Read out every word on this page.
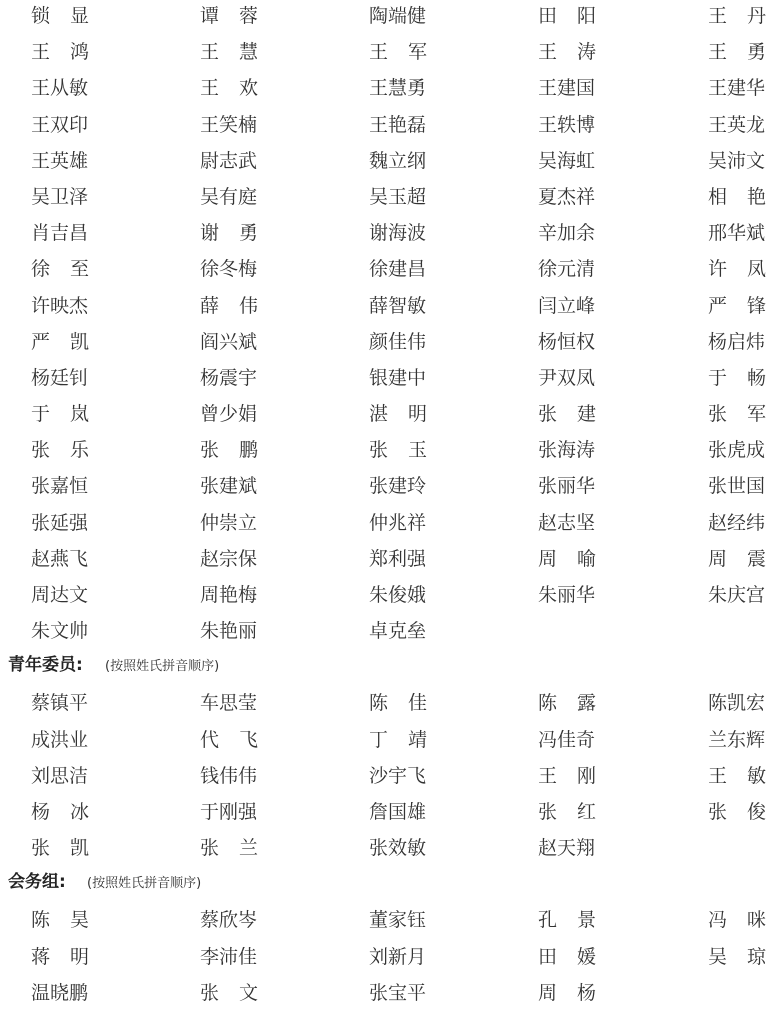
锁 显	谭 蓉	陶端健	田 阳	王 丹
王 鸿	王 慧	王 军	王 涛	王 勇
王从敏	王 欢	王慧勇	王建国	王建华
王双印	王笑楠	王艳磊	王轶博	王英龙
王英雄	尉志武	魏立纲	吴海虹	吴沛文
吴卫泽	吴有庭	吴玉超	夏杰祥	相 艳
肖吉昌	谢 勇	谢海波	辛加余	邢华斌
徐 至	徐冬梅	徐建昌	徐元清	许 凤
许映杰	薛 伟	薛智敏	闫立峰	严 锋
严 凯	阎兴斌	颜佳伟	杨恒权	杨启炜
杨廷钊	杨震宇	银建中	尹双凤	于 畅
于 岚	曾少娟	湛 明	张 建	张 军
张 乐	张 鹏	张 玉	张海涛	张虎成
张嘉恒	张建斌	张建玲	张丽华	张世国
张延强	仲崇立	仲兆祥	赵志坚	赵经纬
赵燕飞	赵宗保	郑利强	周 喻	周 震
周达文	周艳梅	朱俊娥	朱丽华	朱庆宫
朱文帅	朱艳丽	卓克垒
青年委员: (按照姓氏拼音顺序)
蔡镇平	车思莹	陈 佳	陈 露	陈凯宏
成洪业	代 飞	丁 靖	冯佳奇	兰东辉
刘思洁	钱伟伟	沙宇飞	王 刚	王 敏
杨 冰	于刚强	詹国雄	张 红	张 俊
张 凯	张 兰	张效敏	赵天翔
会务组: (按照姓氏拼音顺序)
陈 昊	蔡欣岑	董家钰	孔 景	冯 咪
蒋 明	李沛佳	刘新月	田 媛	吴 琼
温晓鹏	张 文	张宝平	周 杨
